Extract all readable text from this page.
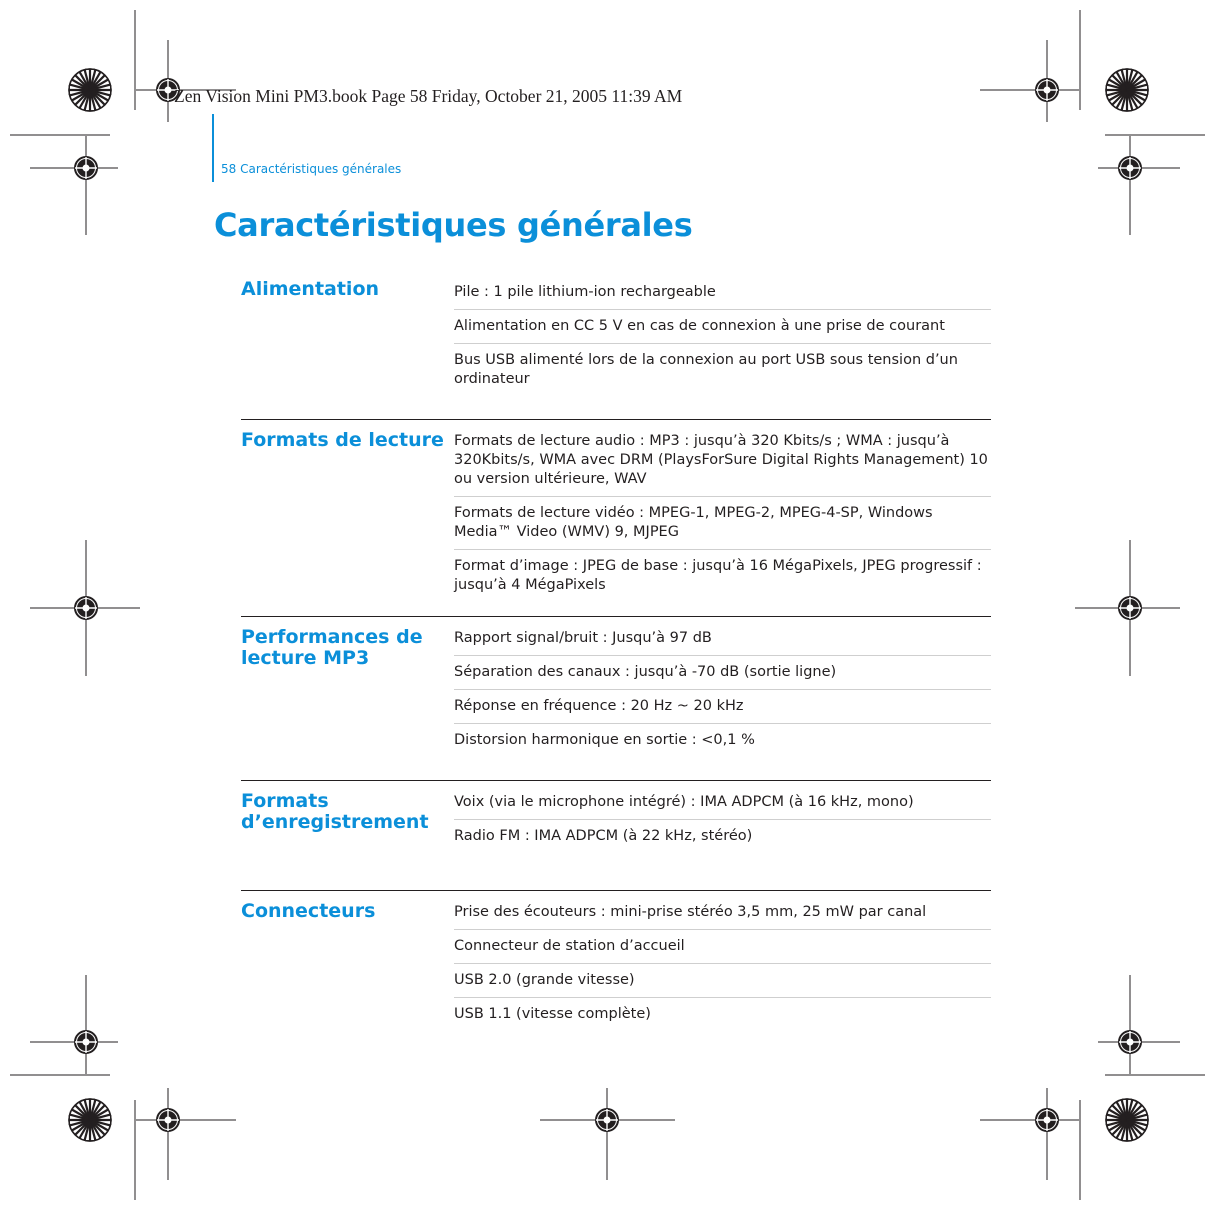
Zen Vision Mini PM3.book Page 58 Friday, October 21, 2005 11:39 AM
58 Caractéristiques générales
Caractéristiques générales
Alimentation	Pile : 1 pile lithium-ion rechargeable
Alimentation en CC 5 V en cas de connexion à une prise de courant
Bus USB alimenté lors de la connexion au port USB sous tension d’un ordinateur
Formats de lecture Formats de lecture audio : MP3 : jusqu’à 320 Kbits/s ; WMA : jusqu’à 320Kbits/s, WMA avec DRM (PlaysForSure Digital Rights Management) 10 ou version ultérieure, WAV
Formats de lecture vidéo : MPEG-1, MPEG-2, MPEG-4-SP, Windows Media™ Video (WMV) 9, MJPEG
Format d’image : JPEG de base : jusqu’à 16 MégaPixels, JPEG progressif : jusqu’à 4 MégaPixels
Performances de lecture MP3
Rapport signal/bruit : Jusqu’à 97 dB
Séparation des canaux : jusqu’à -70 dB (sortie ligne)
Réponse en fréquence : 20 Hz ~ 20 kHz
Distorsion harmonique en sortie : <0,1 %
Formats d’enregistrement
Voix (via le microphone intégré) : IMA ADPCM (à 16 kHz, mono)
Radio FM : IMA ADPCM (à 22 kHz, stéréo)
Connecteurs	Prise des écouteurs : mini-prise stéréo 3,5 mm, 25 mW par canal
Connecteur de station d’accueil
USB 2.0 (grande vitesse)
USB 1.1 (vitesse complète)
